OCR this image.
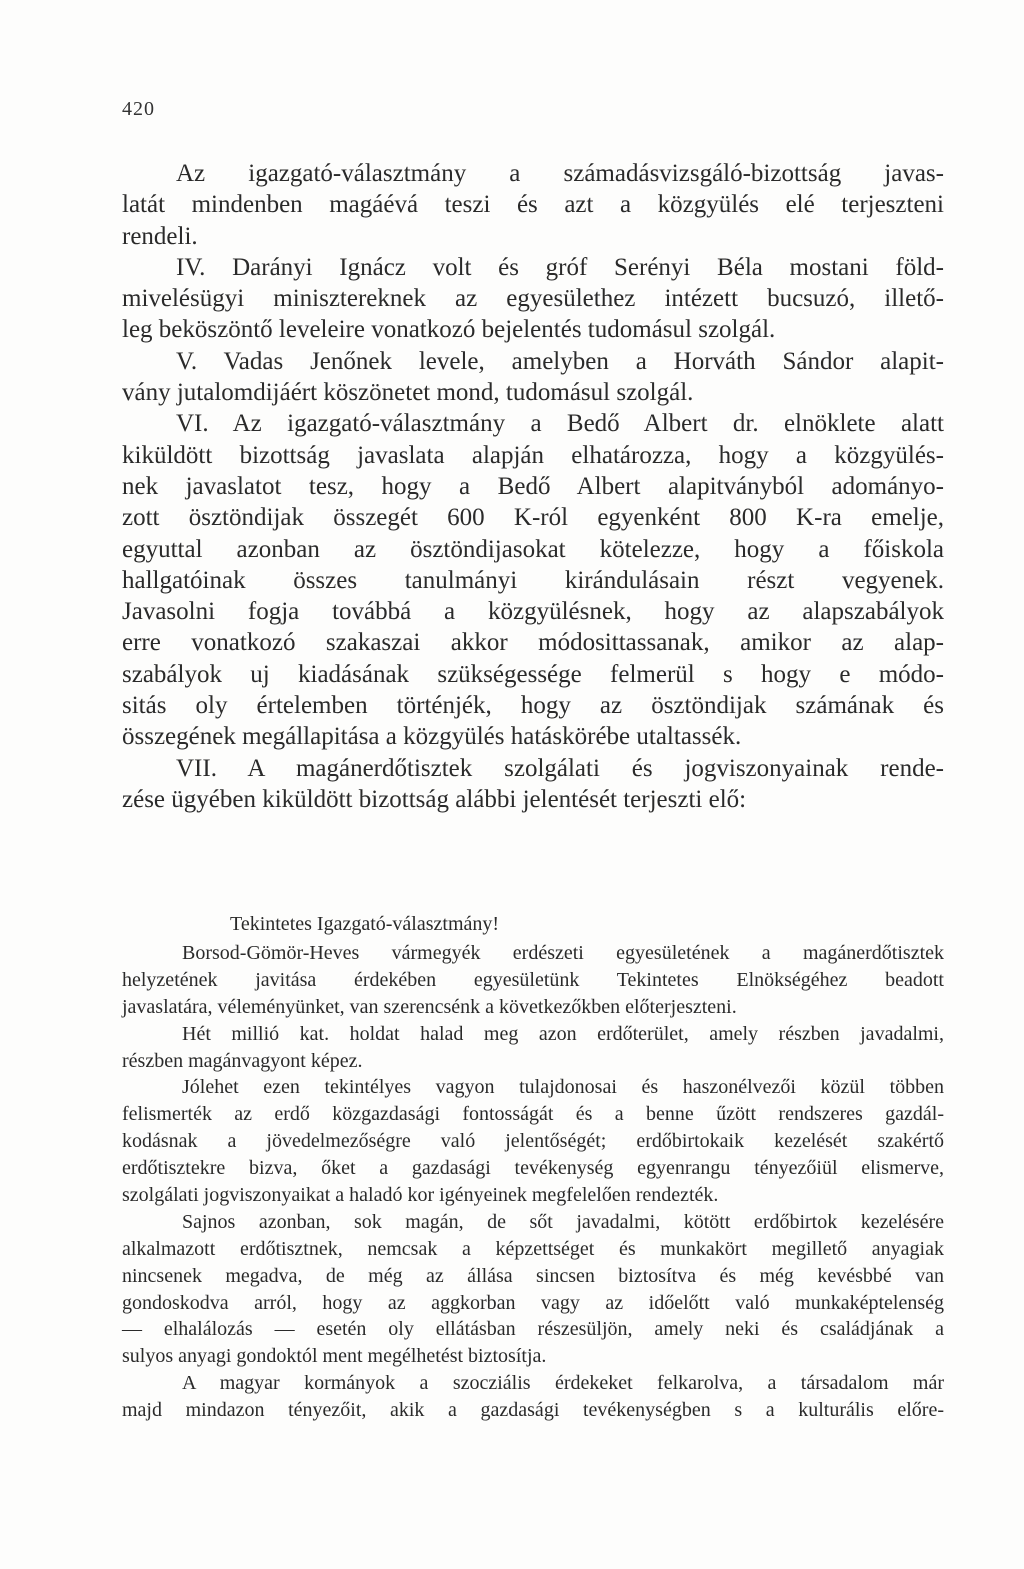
420
Az igazgató-választmány a számadásvizsgáló-bizottság javas-
latát mindenben magáévá teszi és azt a közgyülés elé terjeszteni
rendeli.
IV. Darányi Ignácz volt és gróf Serényi Béla mostani föld-
mivelésügyi minisztereknek az egyesülethez intézett bucsuzó, illető-
leg beköszöntő leveleire vonatkozó bejelentés tudomásul szolgál.
V. Vadas Jenőnek levele, amelyben a Horváth Sándor alapit-
vány jutalomdijáért köszönetet mond, tudomásul szolgál.
VI. Az igazgató-választmány a Bedő Albert dr. elnöklete alatt
kiküldött bizottság javaslata alapján elhatározza, hogy a közgyülés-
nek javaslatot tesz, hogy a Bedő Albert alapitványból adományo-
zott ösztöndijak összegét 600 K-ról egyenként 800 K-ra emelje,
egyuttal azonban az ösztöndijasokat kötelezze, hogy a főiskola
hallgatóinak összes tanulmányi kirándulásain részt vegyenek.
Javasolni fogja továbbá a közgyülésnek, hogy az alapszabályok
erre vonatkozó szakaszai akkor módosittassanak, amikor az alap-
szabályok uj kiadásának szükségessége felmerül s hogy e módo-
sitás oly értelemben történjék, hogy az ösztöndijak számának és
összegének megállapitása a közgyülés hatáskörébe utaltassék.
VII. A magánerdőtisztek szolgálati és jogviszonyainak rende-
zése ügyében kiküldött bizottság alábbi jelentését terjeszti elő:
Tekintetes Igazgató-választmány!
Borsod-Gömör-Heves vármegyék erdészeti egyesületének a magánerdőtisztek
helyzetének javitása érdekében egyesületünk Tekintetes Elnökségéhez beadott
javaslatára, véleményünket, van szerencsénk a következőkben előterjeszteni.
Hét millió kat. holdat halad meg azon erdőterület, amely részben javadalmi,
részben magánvagyont képez.
Jólehet ezen tekintélyes vagyon tulajdonosai és haszonélvezői közül többen
felismerték az erdő közgazdasági fontosságát és a benne űzött rendszeres gazdál-
kodásnak a jövedelmezőségre való jelentőségét; erdőbirtokaik kezelését szakértő
erdőtisztekre bizva, őket a gazdasági tevékenység egyenrangu tényezőiül elismerve,
szolgálati jogviszonyaikat a haladó kor igényeinek megfelelően rendezték.
Sajnos azonban, sok magán, de sőt javadalmi, kötött erdőbirtok kezelésére
alkalmazott erdőtisztnek, nemcsak a képzettséget és munkakört megillető anyagiak
nincsenek megadva, de még az állása sincsen biztosítva és még kevésbbé van
gondoskodva arról, hogy az aggkorban vagy az időelőtt való munkaképtelenség
— elhalálozás — esetén oly ellátásban részesüljön, amely neki és családjának a
sulyos anyagi gondoktól ment megélhetést biztosítja.
A magyar kormányok a szocziális érdekeket felkarolva, a társadalom már
majd mindazon tényezőit, akik a gazdasági tevékenységben s a kulturális előre-
